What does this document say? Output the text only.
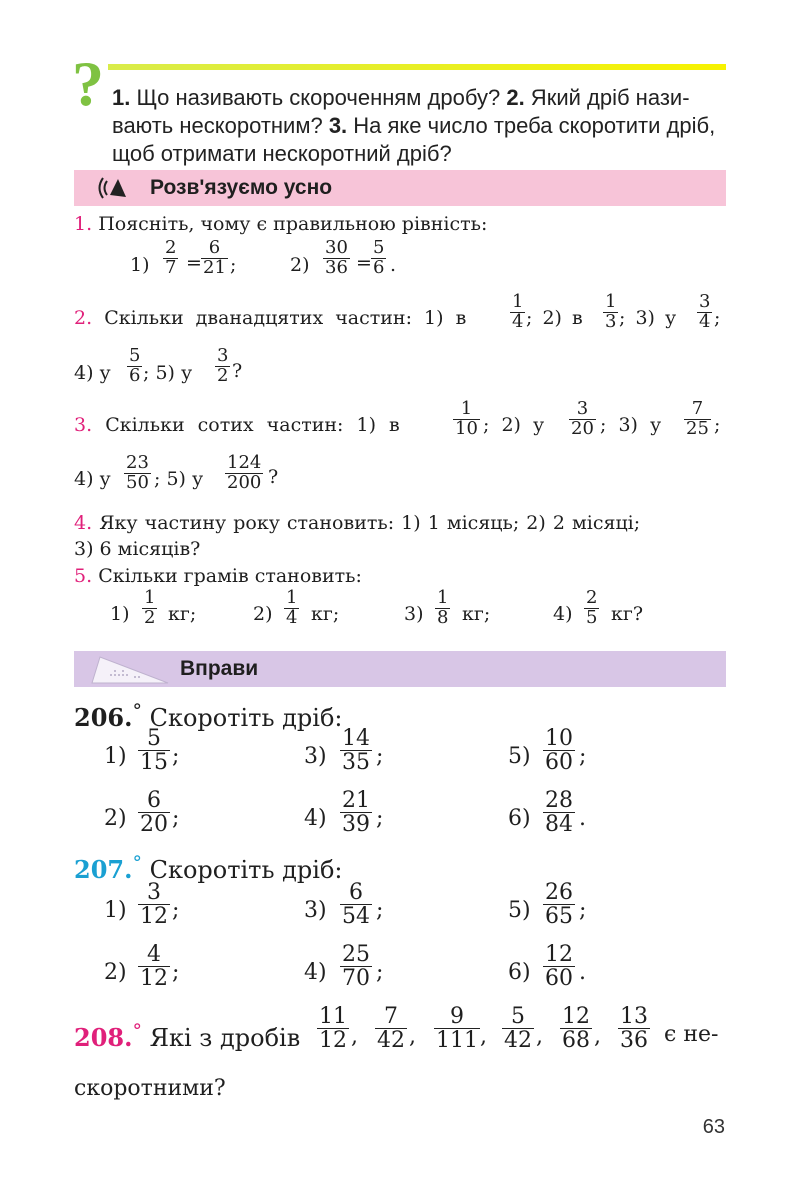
? 1. Що називають скороченням дробу? 2. Який дріб нази-
вають нескоротним? 3. На яке число треба скоротити дріб,
щоб отримати нескоротний дріб?
Розв'язуємо усно
1. Поясніть, чому є правильною рівність:
1)
2
7 =
6
21 ;	2)
30
36 =
5
6 .
2. Скільки дванадцятих частин: 1) в
1
4 ; 2) в
1
3 ; 3) у
3
4 ;
4) у
5
6 ; 5) у
3
2 ?
3. Скільки сотих частин: 1) в
1
10 ; 2) у
3
20 ; 3) у
7
25 ;
4) у
23
50 ; 5) у
124
200 ?
4. Яку частину року становить: 1) 1 місяць; 2) 2 місяці;
3) 6 місяців?
5. Скільки грамів становить:
1)
1
2 кг;	2)
1
4 кг;	3)
1
8 кг;	4)
2
5 кг?
Вправи
206.° Скоротіть дріб:
1)
5
15 ;	3)
14
35 ;	5)
10
60 ;
2)
6
20 ;	4)
21
39 ;	6)
28
84 .
207.° Скоротіть дріб:
1)
3
12 ;	3)
6
54 ;	5)
26
65 ;
2)
4
12 ;	4)
25
70 ;	6)
12
60 .
208.° Які з дробів
11
12 ,
7
42 ,
9
111 ,
5
42 ,
12
68 ,
13
36 є не-
скоротними?
63
